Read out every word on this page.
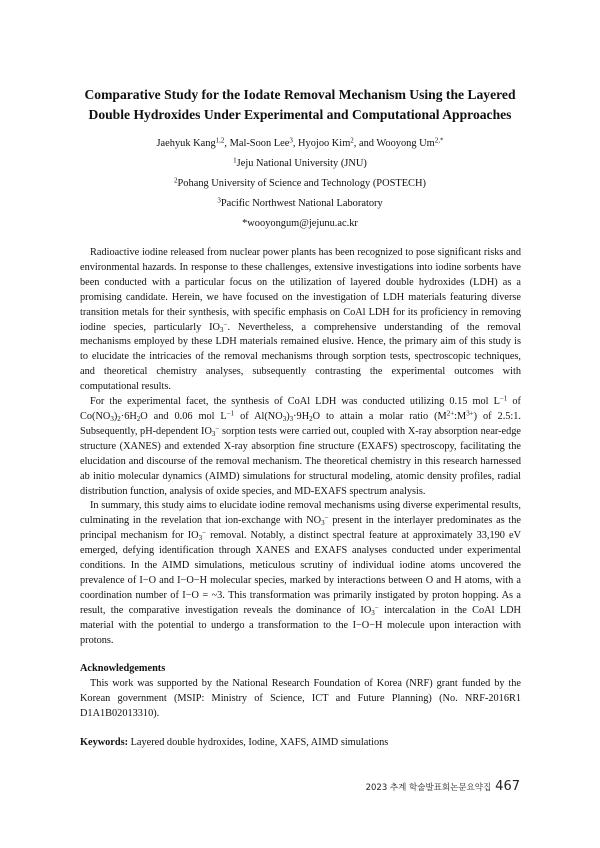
Comparative Study for the Iodate Removal Mechanism Using the Layered
Double Hydroxides Under Experimental and Computational Approaches
Jaehyuk Kang$^{1,2}$, Mal-Soon Lee$^3$, Hyojoo Kim$^2$, and Wooyong $Um^{2,*}$
$^1$Jeju National University (JNU)
$^2$Pohang University of Science and Technology (POSTECH)
$^3$Pacific Northwest National Laboratory
*wooyongum@jejunu.ac.kr

Radioactive iodine released from nuclear power plants has been recognized to pose significant risks and environmental hazards. In response to these challenges, extensive investigations into iodine sorbents have been conducted with a particular focus on the utilization of layered double hydroxides (LDH) as a promising candidate. Herein, we have focused on the investigation of LDH materials featuring diverse transition metals for their synthesis, with specific emphasis on CoAl LDH for its proficiency in removing iodine species, particularly $IO_3^-$. Nevertheless, a comprehensive understanding of the removal mechanisms employed by these LDH materials remained elusive. Hence, the primary aim of this study is to elucidate the intricacies of the removal mechanisms through sorption tests, spectroscopic techniques, and theoretical chemistry analyses, subsequently contrasting the experimental outcomes with computational results.

For the experimental facet, the synthesis of CoAl LDH was conducted utilizing 0.15 mol $L^{-1}$ of $Co(NO_3)_2\cdot 6H_2O$ and 0.06 mol $L^{-1}$ of $Al(NO_3)_3\cdot 9H_2O$ to attain a molar ratio $(M^{2+}:M^{3+})$ of 2.5:1. Subsequently, pH-dependent $IO_3^-$ sorption tests were carried out, coupled with X-ray absorption near-edge structure (XANES) and extended X-ray absorption fine structure (EXAFS) spectroscopy, facilitating the elucidation and discourse of the removal mechanism. The theoretical chemistry in this research harnessed ab initio molecular dynamics (AIMD) simulations for structural modeling, atomic density profiles, radial distribution function, analysis of oxide species, and MD-EXAFS spectrum analysis.

In summary, this study aims to elucidate iodine removal mechanisms using diverse experimental results, culminating in the revelation that ion-exchange with $NO_3^-$ present in the interlayer predominates as the principal mechanism for $IO_3^-$ removal. Notably, a distinct spectral feature at approximately 33,190 eV emerged, defying identification through XANES and EXAFS analyses conducted under experimental conditions. In the AIMD simulations, meticulous scrutiny of individual iodine atoms uncovered the prevalence of I−O and I−O−H molecular species, marked by interactions between O and H atoms, with a coordination number of I−O = ~3. This transformation was primarily instigated by proton hopping. As a result, the comparative investigation reveals the dominance of $IO_3^-$ intercalation in the CoAl LDH material with the potential to undergo a transformation to the I−O−H molecule upon interaction with protons.

Acknowledgements

This work was supported by the National Research Foundation of Korea (NRF) grant funded by the Korean government (MSIP: Ministry of Science, ICT and Future Planning) (No. NRF-2016R1 D1A1B02013310).

Keywords: Layered double hydroxides, Iodine, XAFS, AIMD simulations

2023 추계 학술발표회논문요약집 467
